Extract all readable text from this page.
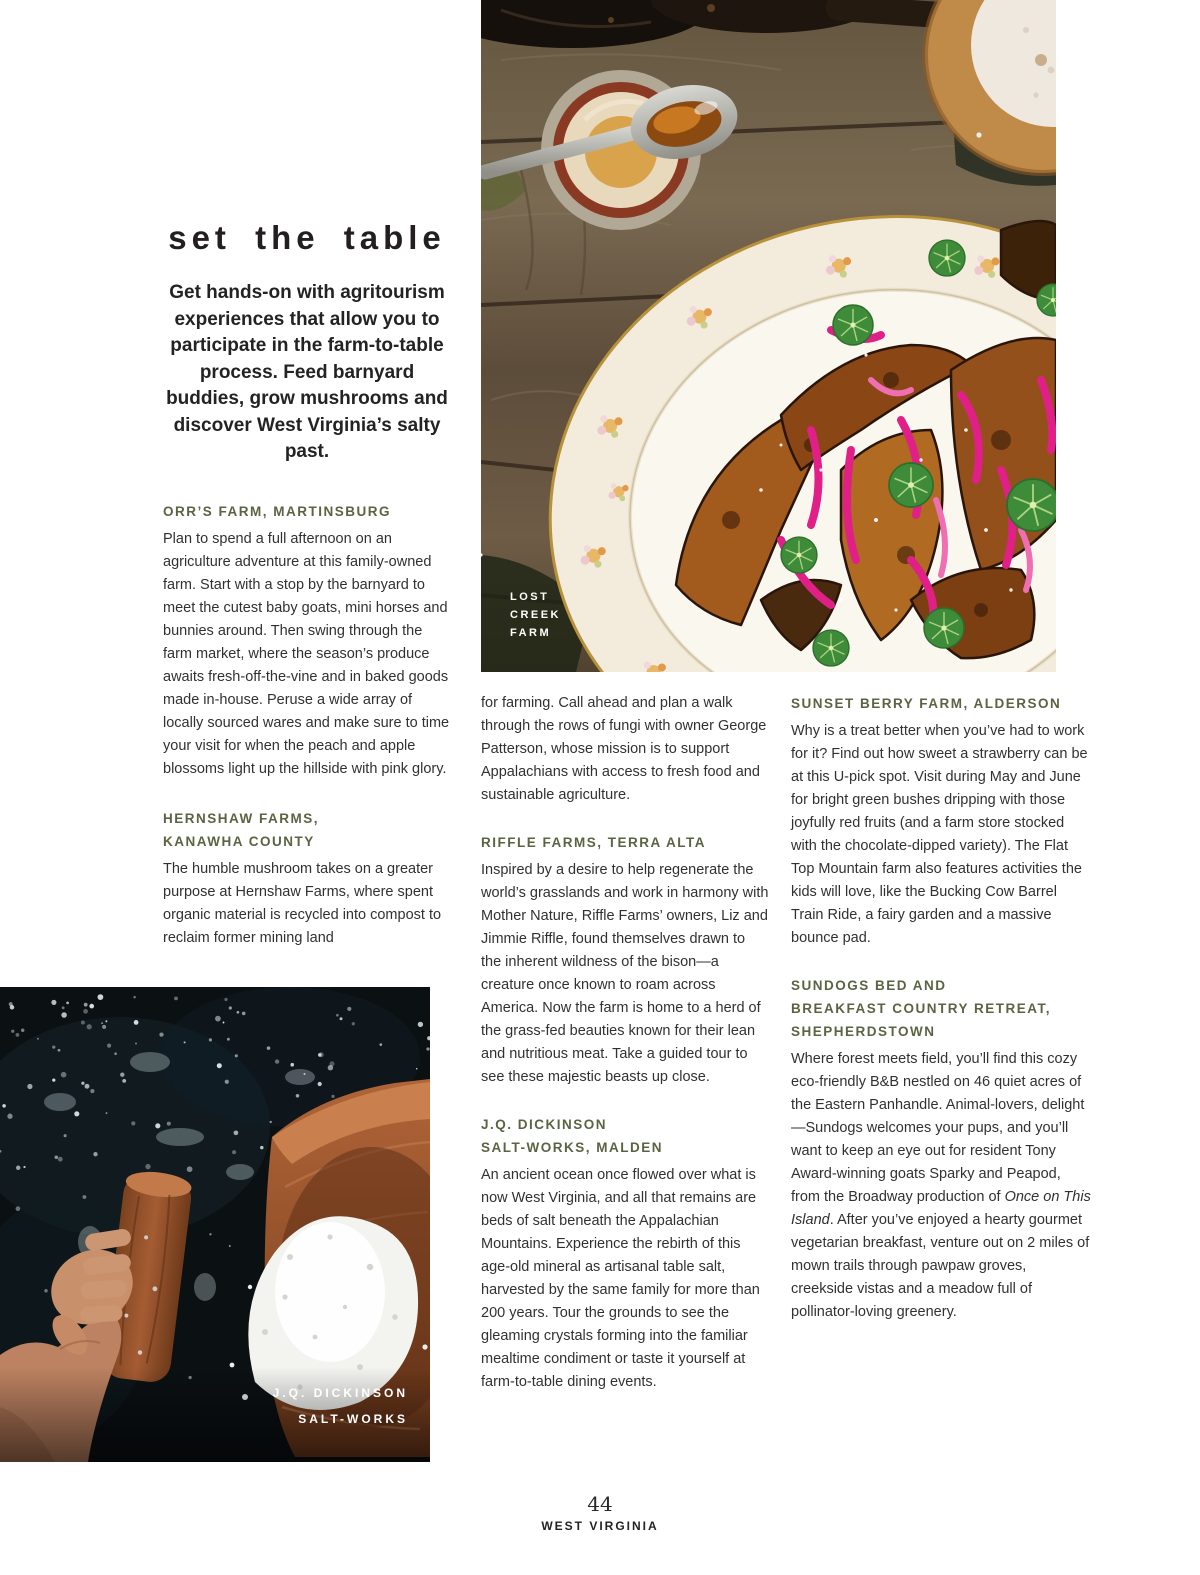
LOST
CREEK
FARM
set the table

Get hands-on with agritourism experiences that allow you to participate in the farm-to-table process. Feed barnyard buddies, grow mushrooms and discover West Virginia’s salty past.

ORR’S FARM, MARTINSBURG
Plan to spend a full afternoon on an agriculture adventure at this family-owned farm. Start with a stop by the barnyard to meet the cutest baby goats, mini horses and bunnies around. Then swing through the farm market, where the season’s produce awaits fresh-off-the-vine and in baked goods made in-house. Peruse a wide array of locally sourced wares and make sure to time your visit for when the peach and apple blossoms light up the hillside with pink glory.
HERNSHAW FARMS,
KANAWHA COUNTY
The humble mushroom takes on a greater purpose at Hernshaw Farms, where spent organic material is recycled into compost to reclaim former mining land
for farming. Call ahead and plan a walk through the rows of fungi with owner George Patterson, whose mission is to support Appalachians with access to fresh food and sustainable agriculture.
RIFFLE FARMS, TERRA ALTA
Inspired by a desire to help regenerate the world’s grasslands and work in harmony with Mother Nature, Riffle Farms’ owners, Liz and Jimmie Riffle, found themselves drawn to the inherent wildness of the bison—a creature once known to roam across America. Now the farm is home to a herd of the grass-fed beauties known for their lean and nutritious meat. Take a guided tour to see these majestic beasts up close.
J.Q. DICKINSON
SALT-WORKS, MALDEN
An ancient ocean once flowed over what is now West Virginia, and all that remains are beds of salt beneath the Appalachian Mountains. Experience the rebirth of this age-old mineral as artisanal table salt, harvested by the same family for more than 200 years. Tour the grounds to see the gleaming crystals forming into the familiar mealtime condiment or taste it yourself at farm-to-table dining events.
SUNSET BERRY FARM, ALDERSON
Why is a treat better when you’ve had to work for it? Find out how sweet a strawberry can be at this U-pick spot. Visit during May and June for bright green bushes dripping with those joyfully red fruits (and a farm store stocked with the chocolate-dipped variety). The Flat Top Mountain farm also features activities the kids will love, like the Bucking Cow Barrel Train Ride, a fairy garden and a massive bounce pad.
SUNDOGS BED AND
BREAKFAST COUNTRY RETREAT,
SHEPHERDSTOWN
Where forest meets field, you’ll find this cozy eco-friendly B&B nestled on 46 quiet acres of the Eastern Panhandle. Animal-lovers, delight—Sundogs welcomes your pups, and you’ll want to keep an eye out for resident Tony Award-winning goats Sparky and Peapod, from the Broadway production of Once on This Island. After you’ve enjoyed a hearty gourmet vegetarian breakfast, venture out on 2 miles of mown trails through pawpaw groves, creekside vistas and a meadow full of pollinator-loving greenery.
J.Q. DICKINSON
SALT-WORKS
44
WEST VIRGINIA
